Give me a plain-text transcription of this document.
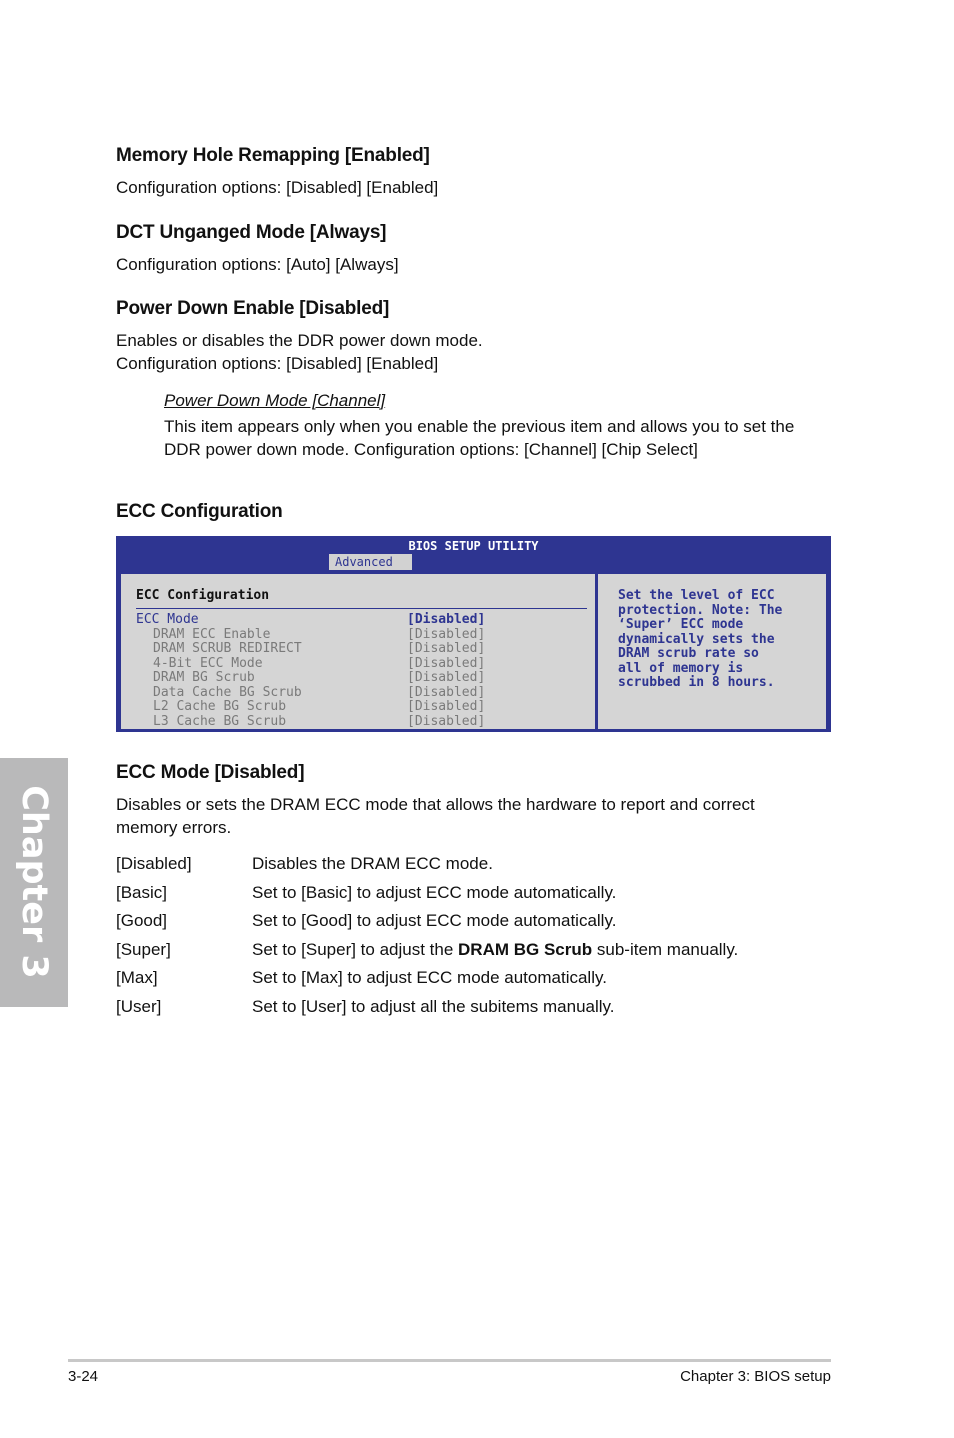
Memory Hole Remapping [Enabled]
Configuration options: [Disabled] [Enabled]
DCT Unganged Mode [Always]
Configuration options: [Auto] [Always]
Power Down Enable [Disabled]
Enables or disables the DDR power down mode.
Configuration options: [Disabled] [Enabled]
Power Down Mode [Channel]
This item appears only when you enable the previous item and allows you to set the
DDR power down mode. Configuration options: [Channel] [Chip Select]
ECC Configuration
BIOS SETUP UTILITY
Advanced
ECC Configuration
ECC Mode	[Disabled]
DRAM ECC Enable	[Disabled]
DRAM SCRUB REDIRECT	[Disabled]
4-Bit ECC Mode	[Disabled]
DRAM BG Scrub	[Disabled]
Data Cache BG Scrub	[Disabled]
L2 Cache BG Scrub	[Disabled]
L3 Cache BG Scrub	[Disabled]
Set the level of ECC
protection. Note: The
‘Super’ ECC mode
dynamically sets the
DRAM scrub rate so
all of memory is
scrubbed in 8 hours.
ECC Mode [Disabled]
Disables or sets the DRAM ECC mode that allows the hardware to report and correct
memory errors.
[Disabled]	Disables the DRAM ECC mode.
[Basic]	Set to [Basic] to adjust ECC mode automatically.
[Good]	Set to [Good] to adjust ECC mode automatically.
[Super]	Set to [Super] to adjust the DRAM BG Scrub sub-item manually.
[Max]	Set to [Max] to adjust ECC mode automatically.
[User]	Set to [User] to adjust all the subitems manually.
Chapter 3
3-24	Chapter 3: BIOS setup
